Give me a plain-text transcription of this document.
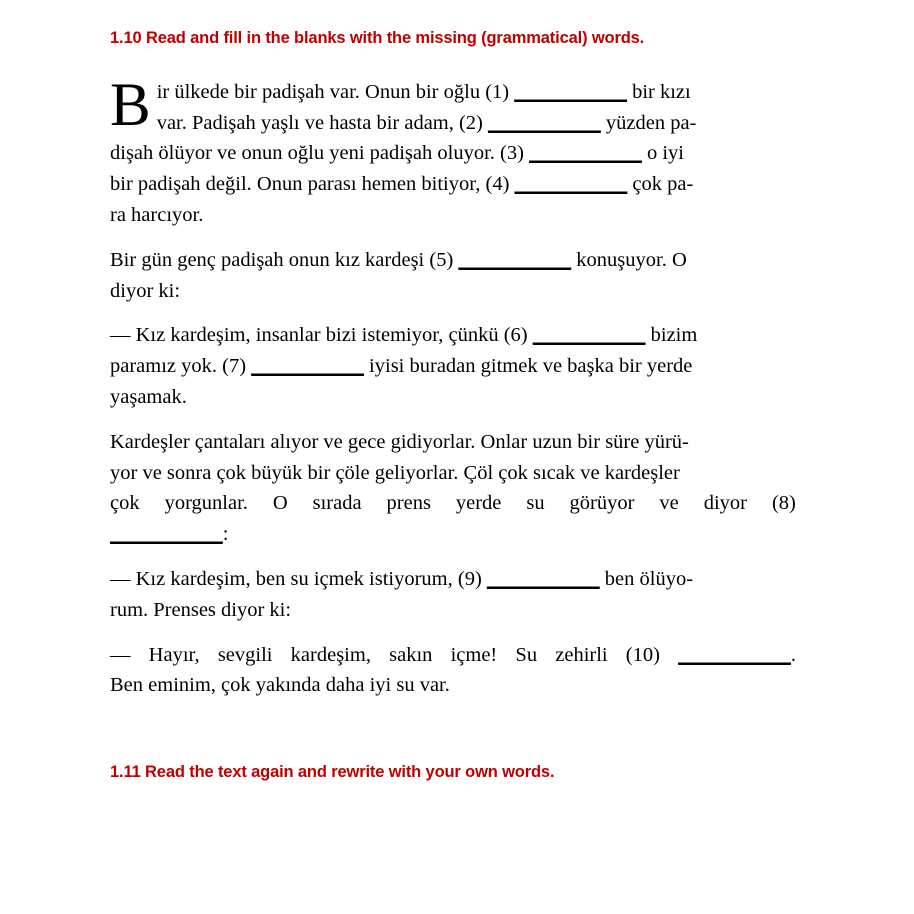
1.10 Read and fill in the blanks with the missing (grammatical) words.
B ir ülkede bir padişah var. Onun bir oğlu (1) ___________ bir kızı
var. Padişah yaşlı ve hasta bir adam, (2) ___________ yüzden pa-
dişah ölüyor ve onun oğlu yeni padişah oluyor. (3) ___________ o iyi
bir padişah değil. Onun parası hemen bitiyor, (4) ___________ çok pa-
ra harcıyor.
Bir gün genç padişah onun kız kardeşi (5) ___________ konuşuyor. O
diyor ki:
— Kız kardeşim, insanlar bizi istemiyor, çünkü (6) ___________ bizim
paramız yok. (7) ___________ iyisi buradan gitmek ve başka bir yerde
yaşamak.
Kardeşler çantaları alıyor ve gece gidiyorlar. Onlar uzun bir süre yürü-
yor ve sonra çok büyük bir çöle geliyorlar. Çöl çok sıcak ve kardeşler
çok yorgunlar. O sırada prens yerde su görüyor ve diyor (8)
___________:
— Kız kardeşim, ben su içmek istiyorum, (9) ___________ ben ölüyo-
rum. Prenses diyor ki:
— Hayır, sevgili kardeşim, sakın içme! Su zehirli (10) ___________.
Ben eminim, çok yakında daha iyi su var.
1.11 Read the text again and rewrite with your own words.
